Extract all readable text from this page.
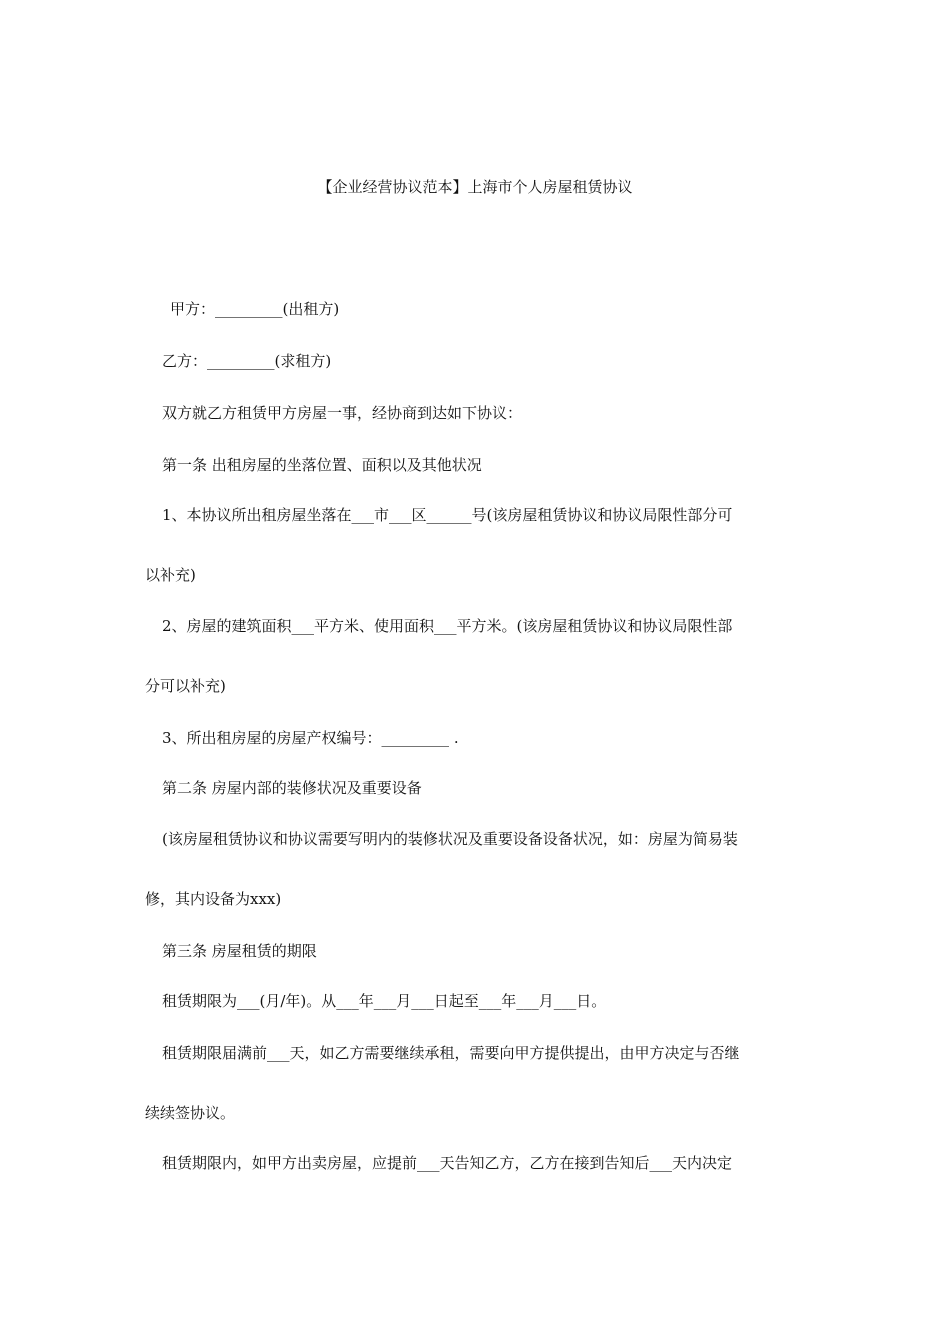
【企业经营协议范本】上海市个人房屋租赁协议
甲方：_________(出租方)
乙方：_________(求租方)
双方就乙方租赁甲方房屋一事，经协商到达如下协议：
第一条 出租房屋的坐落位置、面积以及其他状况
1、本协议所出租房屋坐落在___市___区______号(该房屋租赁协议和协议局限性部分可
以补充)
2、房屋的建筑面积___平方米、使用面积___平方米。(该房屋租赁协议和协议局限性部
分可以补充)
3、所出租房屋的房屋产权编号：_________ .
第二条 房屋内部的装修状况及重要设备
(该房屋租赁协议和协议需要写明内的装修状况及重要设备设备状况，如：房屋为简易装
修，其内设备为xxx)
第三条 房屋租赁的期限
租赁期限为___(月/年)。从___年___月___日起至___年___月___日。
租赁期限届满前___天，如乙方需要继续承租，需要向甲方提供提出，由甲方决定与否继
续续签协议。
租赁期限内，如甲方出卖房屋，应提前___天告知乙方，乙方在接到告知后___天内决定
